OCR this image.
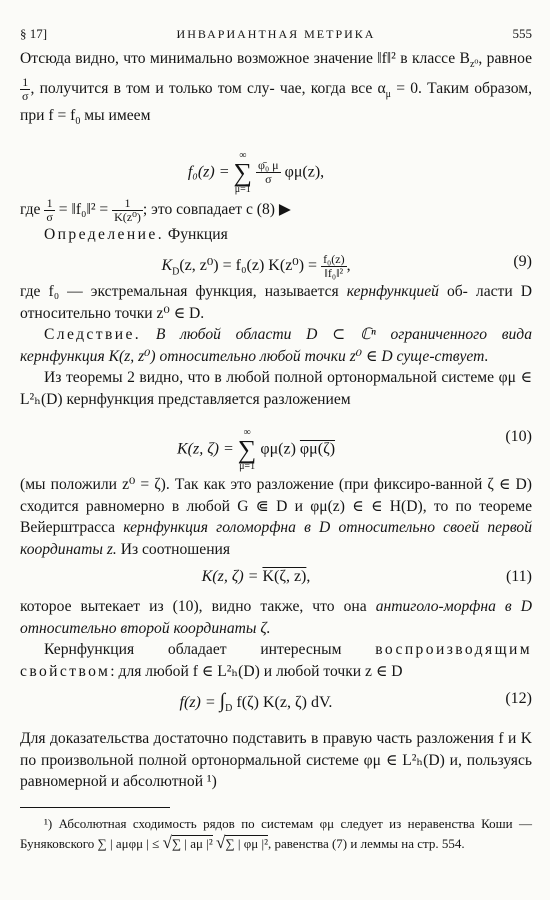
§ 17]	ИНВАРИАНТНАЯ МЕТРИКА	555

Отсюда видно, что минимально возможное значение ‖f‖² в классе $B_{z^0}$, равное
$\frac{1}{\sigma}$ , получится в том и только том слу- чае, когда все $\alpha_\mu = 0$. Таким образом, при $f = f_0$ мы имеем

f₀(z) = ∞
∑
μ=1
$\frac{\text{φ̄₀ μ}}{\sigma} \varphi\mu(z)$,

где $\frac{1}{\sigma}$ = ‖f₀‖² = $\frac{1}{\text{K(z⁰)}}$ ; это совпадает с (8) ▶

Определение. Функция

$K_D(z$, z⁰) = f₀(z) $K(z^0) = \frac{\text{f₀(z)}}{\text{‖f₀‖²}}$ ,	(9)

где f₀ — экстремальная функция, называется кернфункцией об- ласти D относительно точки z⁰ ∈ D.

Следствие. В любой области D ⊂ ℂⁿ ограниченного вида кернфункция K(z, z⁰) относительно любой точки z⁰ ∈ D суще-ствует.

Из теоремы 2 видно, что в любой полной ортонормальной системе φμ ∈ L²ₕ(D) кернфункция представляется разложением

K(z, ζ) = ∞
∑
μ=1 φμ(z) φμ(ζ)
(10)

(мы положили z⁰ = ζ). Так как это разложение (при фиксиро-ванной ζ ∈ D) сходится равномерно в любой G ⋐ D и φμ(z) ∈ ∈ H(D), то по теореме Вейерштрасса кернфункция голоморфна в D относительно своей первой координаты z. Из соотношения

K(z, ζ) = K(ζ, z),	(11)

которое вытекает из (10), видно также, что она антиголо-морфна в D относительно второй координаты ζ.

Кернфункция обладает интересным воспроизводящим свойством: для любой f ∈ L²ₕ(D) и любой точки z ∈ D

$f(z) = \int_D$ f(ζ) K(z, ζ) dV.	(12)

Для доказательства достаточно подставить в правую часть разложения f и K по произвольной полной ортонормальной системе φμ ∈ L²ₕ(D) и, пользуясь равномерной и абсолютной ¹)

¹) Абсолютная сходимость рядов по системам φμ следует из неравенства Коши — Буняковского ∑ | aμφμ | ≤ √∑ | aμ |² √∑ | φμ |², равенства (7) и леммы на стр. 554.
